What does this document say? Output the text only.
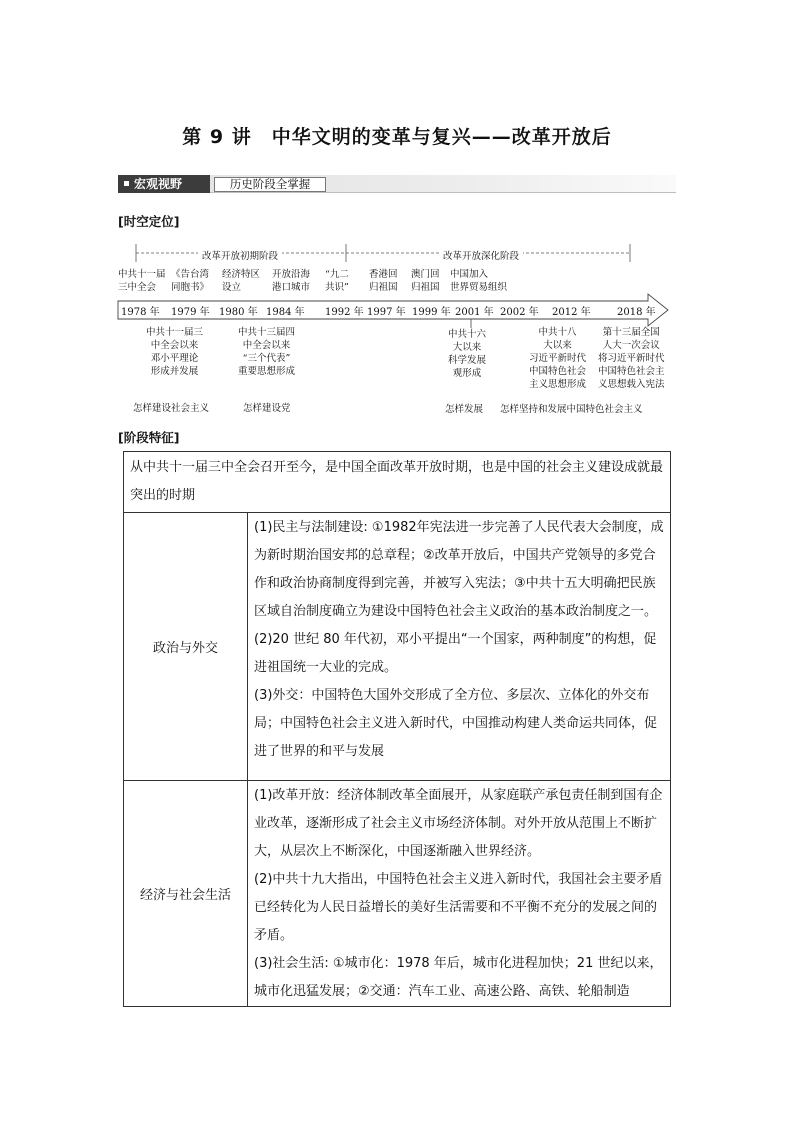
第 9 讲　中华文明的变革与复兴——改革开放后
宏观视野	历史阶段全掌握
[时空定位]
改革开放初期阶段	改革开放深化阶段
中共十一届
三中全会
《告台湾
同胞书》
经济特区
设立
开放沿海
港口城市
“九二
共识”
香港回
归祖国
澳门回
归祖国
中国加入
世界贸易组织
1978 年 1979 年 1980 年 1984 年 1992 年 1997 年 1999 年 2001 年 2002 年 2012 年	2018 年
中共十一届三
中全会以来
邓小平理论
形成并发展
中共十三届四
中全会以来
“三个代表”
重要思想形成
中共十六
大以来
科学发展
观形成
中共十八
大以来
习近平新时代
中国特色社会
主义思想形成
第十三届全国
人大一次会议
将习近平新时代
中国特色社会主
义思想载入宪法
怎样建设社会主义	怎样建设党	怎样发展 怎样坚持和发展中国特色社会主义
[阶段特征]
从中共十一届三中全会召开至今，是中国全面改革开放时期，也是中国的社会主义建设成就最突出的时期	
政治与外交	(1)民主与法制建设: ①1982年宪法进一步完善了人民代表大会制度，成为新时期治国安邦的总章程；②改革开放后，中国共产党领导的多党合作和政治协商制度得到完善，并被写入宪法；③中共十五大明确把民族区域自治制度确立为建设中国特色社会主义政治的基本政治制度之一。
(2)20 世纪 80 年代初，邓小平提出“一个国家，两种制度”的构想，促进祖国统一大业的完成。
(3)外交：中国特色大国外交形成了全方位、多层次、立体化的外交布局；中国特色社会主义进入新时代，中国推动构建人类命运共同体，促进了世界的和平与发展

经济与社会生活	(1)改革开放：经济体制改革全面展开，从家庭联产承包责任制到国有企业改革，逐渐形成了社会主义市场经济体制。对外开放从范围上不断扩大，从层次上不断深化，中国逐渐融入世界经济。
(2)中共十九大指出，中国特色社会主义进入新时代，我国社会主要矛盾已经转化为人民日益增长的美好生活需要和不平衡不充分的发展之间的矛盾。
(3)社会生活: ①城市化：1978 年后，城市化进程加快；21 世纪以来，城市化迅猛发展；②交通：汽车工业、高速公路、高铁、轮船制造
